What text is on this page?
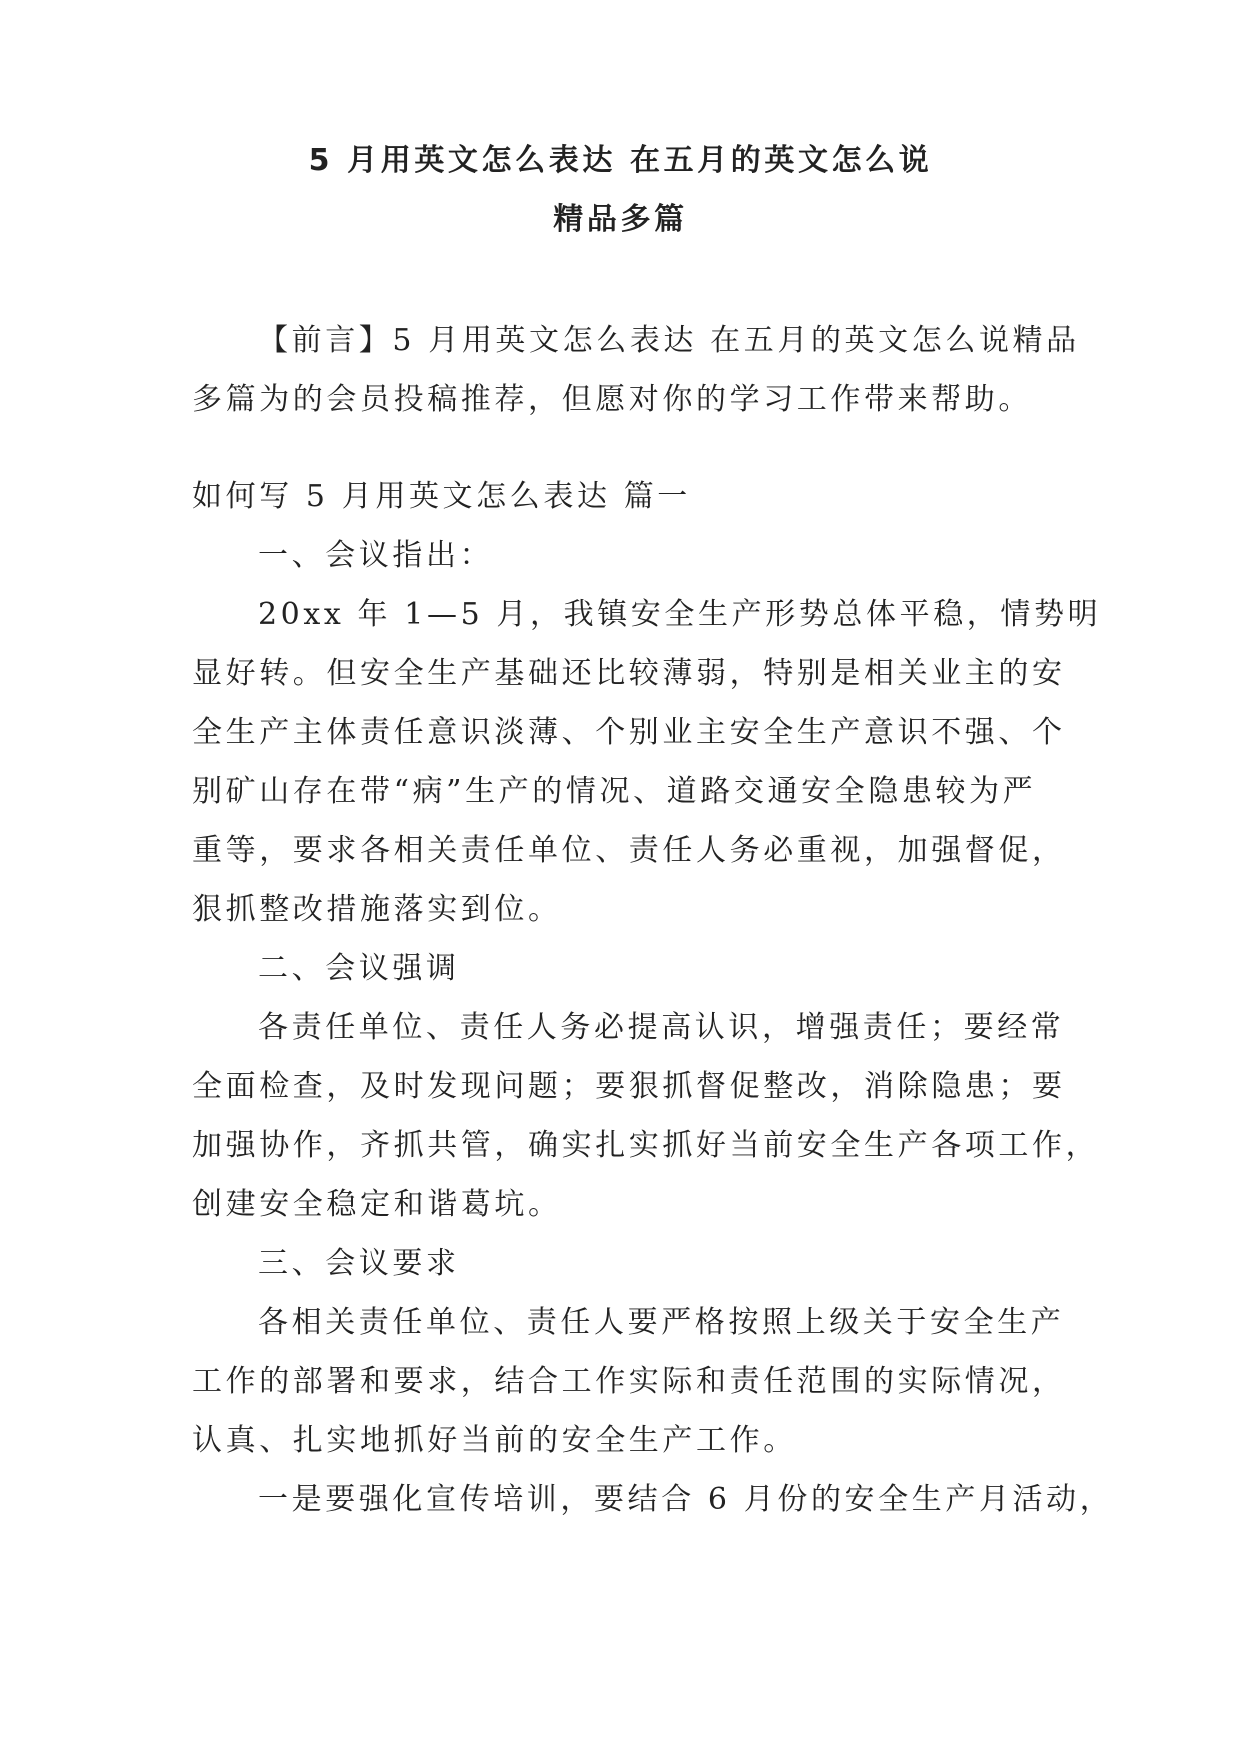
5 月用英文怎么表达 在五月的英文怎么说
精品多篇
【前言】5 月用英文怎么表达 在五月的英文怎么说精品
多篇为的会员投稿推荐，但愿对你的学习工作带来帮助。
如何写 5 月用英文怎么表达 篇一
一、会议指出：
20xx 年 1—5 月，我镇安全生产形势总体平稳，情势明
显好转。但安全生产基础还比较薄弱，特别是相关业主的安
全生产主体责任意识淡薄、个别业主安全生产意识不强、个
别矿山存在带“病”生产的情况、道路交通安全隐患较为严
重等，要求各相关责任单位、责任人务必重视，加强督促，
狠抓整改措施落实到位。
二、会议强调
各责任单位、责任人务必提高认识，增强责任；要经常
全面检查，及时发现问题；要狠抓督促整改，消除隐患；要
加强协作，齐抓共管，确实扎实抓好当前安全生产各项工作，
创建安全稳定和谐葛坑。
三、会议要求
各相关责任单位、责任人要严格按照上级关于安全生产
工作的部署和要求，结合工作实际和责任范围的实际情况，
认真、扎实地抓好当前的安全生产工作。
一是要强化宣传培训，要结合 6 月份的安全生产月活动，
